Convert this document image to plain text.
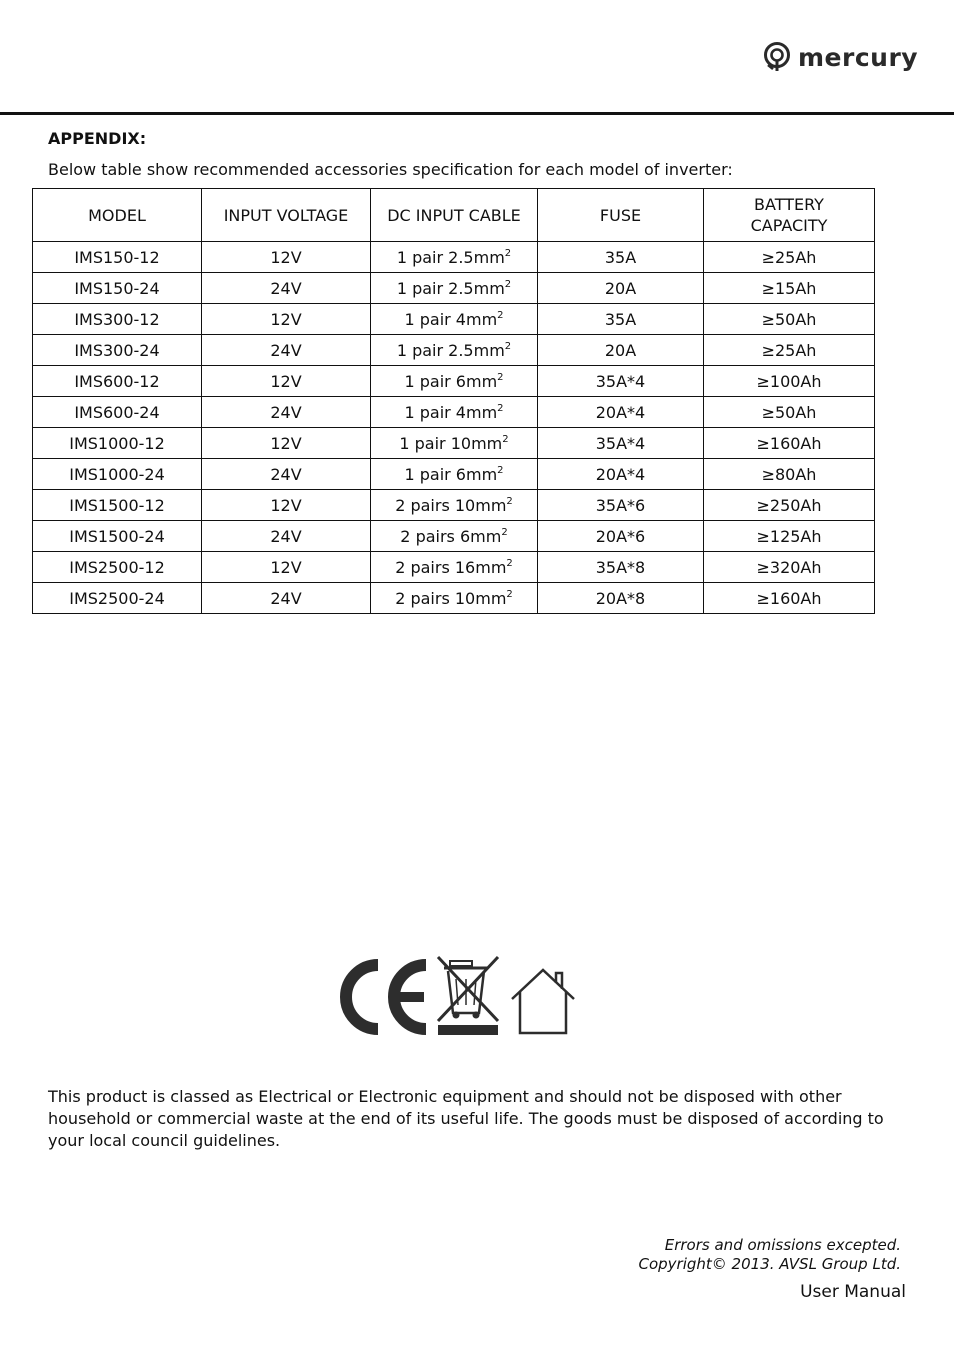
mercury
APPENDIX:
Below table show recommended accessories specification for each model of inverter:
MODEL	INPUT VOLTAGE	DC INPUT CABLE	FUSE	BATTERY CAPACITY
IMS150-12	12V	1 pair $2.5mm^2$	35A	≥25Ah
IMS150-24	24V	1 pair $2.5mm^2$	20A	≥15Ah
IMS300-12	12V	1 pair $4mm^2$	35A	≥50Ah
IMS300-24	24V	1 pair $2.5mm^2$	20A	≥25Ah
IMS600-12	12V	1 pair $6mm^2$	35A*4	≥100Ah
IMS600-24	24V	1 pair $4mm^2$	20A*4	≥50Ah
IMS1000-12	12V	1 pair $10mm^2$	35A*4	≥160Ah
IMS1000-24	24V	1 pair $6mm^2$	20A*4	≥80Ah
IMS1500-12	12V	2 pairs $10mm^2$	35A*6	≥250Ah
IMS1500-24	24V	2 pairs $6mm^2$	20A*6	≥125Ah
IMS2500-12	12V	2 pairs $16mm^2$	35A*8	≥320Ah
IMS2500-24	24V	2 pairs $10mm^2$	20A*8	≥160Ah
This product is classed as Electrical or Electronic equipment and should not be disposed with other household or commercial waste at the end of its useful life. The goods must be disposed of according to your local council guidelines.
Errors and omissions excepted.
Copyright© 2013. AVSL Group Ltd.
User Manual
